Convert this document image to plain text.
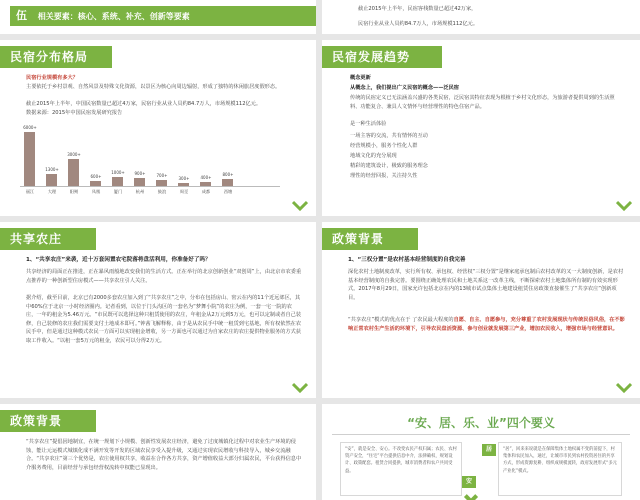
伍 相关要素：核心、系统、补充、创新等要素
截止2015年上半年，民宿客栈数量已超过42万家，
民宿行业从业人员约84.7万人，市场规模112亿元。
民宿分布格局
民宿行业规模有多大？
主要依托于乡村景观、自然风景及特殊文化资源，以景区为核心向周边辐射，形成了独特的休闲旅居度假形态。
截止2015年上半年，中国民宿数量已超过4万家，民宿行业从业人员约84.7万人，市场规模112亿元。
数据来源：2015年中国民宿发展研究报告
6000+
丽江
1300+
大理
3000+
阳朔
600+
凤凰
1000+
厦门
900+
杭州
700+
鼓浪
300+
周至
400+
成都
800+
西塘
民宿发展趋势
概念更新
从概念上，我们提出广义民宿的概念——泛民宿
传统的民宿定义已无法涵盖兴盛的各类民宿，泛民宿其特征表现为根植于乡村文化形态，为旅游者提供周到的生活照料、功能复合、兼具人文情怀与经营理性的特色住宿产品。
是一种生活体验
一场主客的交流，共有情怀的互动
经营规模小，服务个性化人群
地域文化的充分展现
精彩的建筑设计，极致的服务理念
理性的经营回报，关注持久性
共享农庄
1、“共享农庄”来袭，近十万套闲置农宅院落将盘活利用，你准备好了吗？
共享经济的局面正在推进，正在暴风雨般地改变我们的生活方式。正在举行的北京创新创业“双创周”上，由北京市农委重点推荐的一种创新型住房模式——共享农庄引人关注。
据介绍，截至目前，北京已有2000多套农庄加入到了“共享农庄”之中，分布在包括房山、密云在内的11个近远郊区，其中60%位于北京一小时经济圈内。记者看到，以位于门头沟区的一套名为“梦舞小院”的农庄为例，一套一宅一院的农庄，一年的租金为5.46万元。“市民既可以选择这种只租赁使用的农庄，年租金从2万元到5万元，也可以定制或者自己装修，自己装修的农庄我们需要支付土地成本即可。”钟茜飞解释称，由于是从农民手中统一租赁到宅基地，所有权依然在农民手中，但是通过这种模式农民一方面可以实现租金增收，另一方面也可以通过为自家农庄的农庄提供物业服务的方式获取工作收入。“以租一套5万元的租金，农民可以分得2万元。
政策背景
1、“三权分置”是农村基本经营制度的自我完善
深化农村土地制度改革，实行所有权、承包权、经营权“三权分置”是继家庭承包制后农村改革的又一大制度创新，是农村基本经营制度的自我完善。要围绕正确处理农民和土地关系这一改革主线，不断探索农村土地集体所有制的有效实现形式。2017年8月29日，国家允许包括北京在内的13城市试点集体土地建设租赁住房政策直接催生了“共享农庄”创新项目。
“共享农庄”模式的优点在于 了农民最大程度的自愿、自主、自愿参与，充分尊重了农村发展现状与传统民俗风俗，在不影响正常农村生产生活的环境下，引导农民盘活资源、参与创业就发展第三产业，增加农民收入，增强市场与经营意识。
政策背景
“共享农庄”提倡因地制宜，在统一规划下小规模、创新性发展农庄经济，避免了过度城镇化过程中对农业生产环境的侵蚀，能让元运模式城镇化成不满开发等开发的区域农民享受入提升级，又通过实现农民增收与科技导入，城乡交流融合。“共享农庄”第三个优势是，农庄使用权共享，收益在合作各方共享，资产增值收益大部分归属农民，平台获得信息中介服务费用，目前经营与承包经营权流转中权能已显现出。
“安、居、乐、业”四个要义
“安”，就是安全、安心。不改变农民产权归属；农民、农村资产安全，“住宅”平台提供信息中介，法律确权、规划设计、政策配套。租赁合同提供，城市消费者和农户共同受益。
安
居	“居”，回来来说就是在保障集体土地权属不变的前提下，村集体和农民加入，通过，让城市市民到农村投资居住的共享方式，形成资源复耕、组织成规模流转，政府发展形式“多元产业化”模式。
